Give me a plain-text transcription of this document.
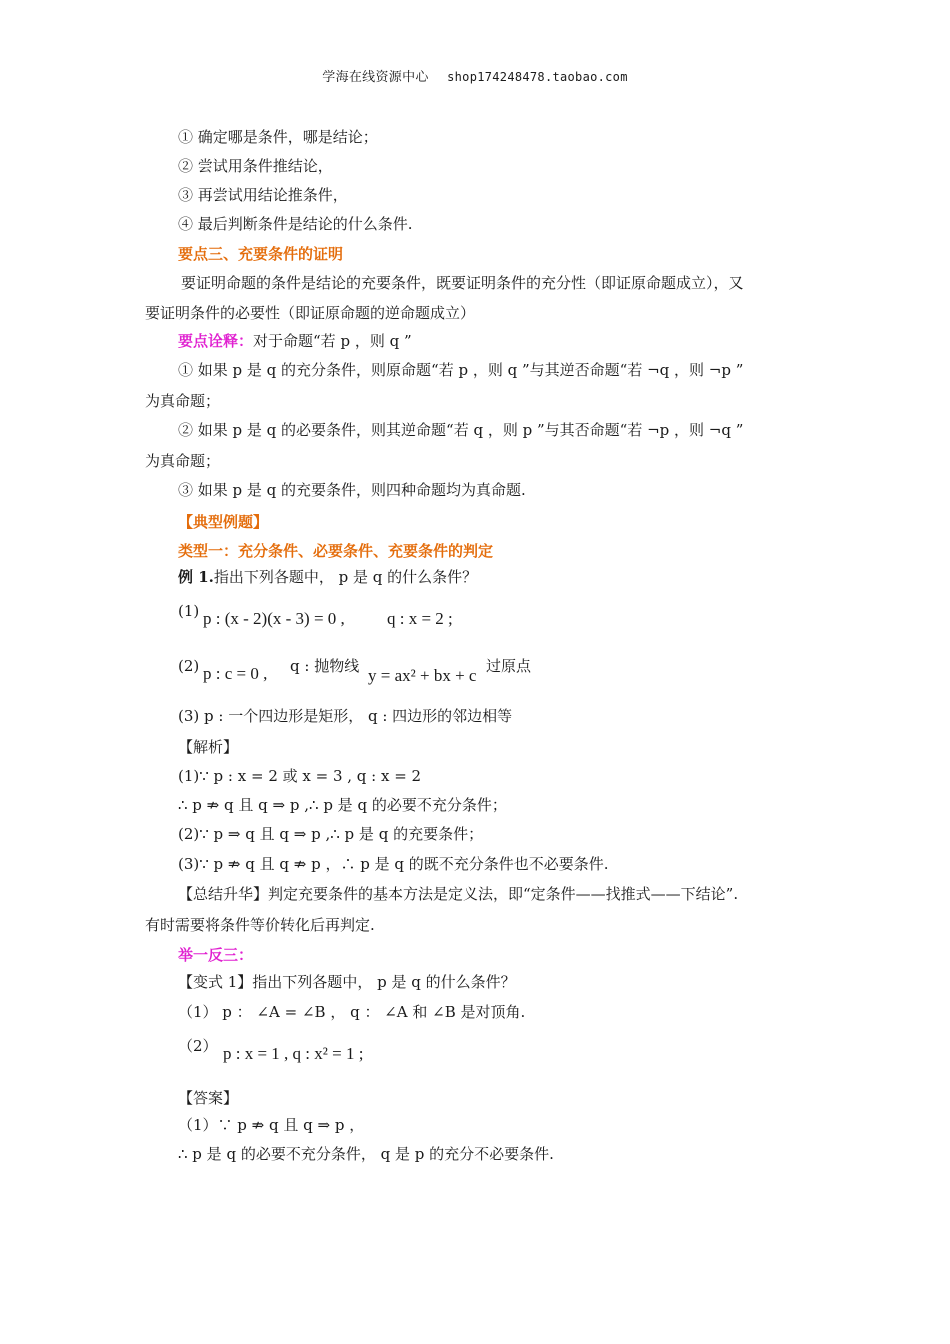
学海在线资源中心 shop174248478.taobao.com
① 确定哪是条件，哪是结论；
② 尝试用条件推结论，
③ 再尝试用结论推条件，
④ 最后判断条件是结论的什么条件.
要点三、充要条件的证明
要证明命题的条件是结论的充要条件，既要证明条件的充分性（即证原命题成立），又
要证明条件的必要性（即证原命题的逆命题成立）
要点诠释：对于命题“若 p ，则 q ”
① 如果 p 是 q 的充分条件，则原命题“若 p ，则 q ”与其逆否命题“若 ¬q ，则 ¬p ”
为真命题；
② 如果 p 是 q 的必要条件，则其逆命题“若 q ，则 p ”与其否命题“若 ¬p ，则 ¬q ”
为真命题；
③ 如果 p 是 q 的充要条件，则四种命题均为真命题.
【典型例题】
类型一：充分条件、必要条件、充要条件的判定
例 1.指出下列各题中， p 是 q 的什么条件？
(1) p : (x - 2)(x - 3) = 0 , q : x = 2 ;
(2) p : c = 0 , q : 抛物线 y = ax² + bx + c 过原点
(3) p : 一个四边形是矩形， q : 四边形的邻边相等
【解析】
(1)∵ p : x = 2 或 x = 3 , q : x = 2
∴ p ⇏ q 且 q ⇒ p ,∴ p 是 q 的必要不充分条件；
(2)∵ p ⇒ q 且 q ⇒ p ,∴ p 是 q 的充要条件；
(3)∵ p ⇏ q 且 q ⇏ p ，∴ p 是 q 的既不充分条件也不必要条件.
【总结升华】判定充要条件的基本方法是定义法，即“定条件——找推式——下结论”.
有时需要将条件等价转化后再判定.
举一反三：
【变式 1】指出下列各题中， p 是 q 的什么条件？
（1） p ： ∠A = ∠B ， q ： ∠A 和 ∠B 是对顶角.
（2） p : x = 1 , q : x² = 1 ;
【答案】
（1）∵ p ⇏ q 且 q ⇒ p ，
∴ p 是 q 的必要不充分条件， q 是 p 的充分不必要条件.
